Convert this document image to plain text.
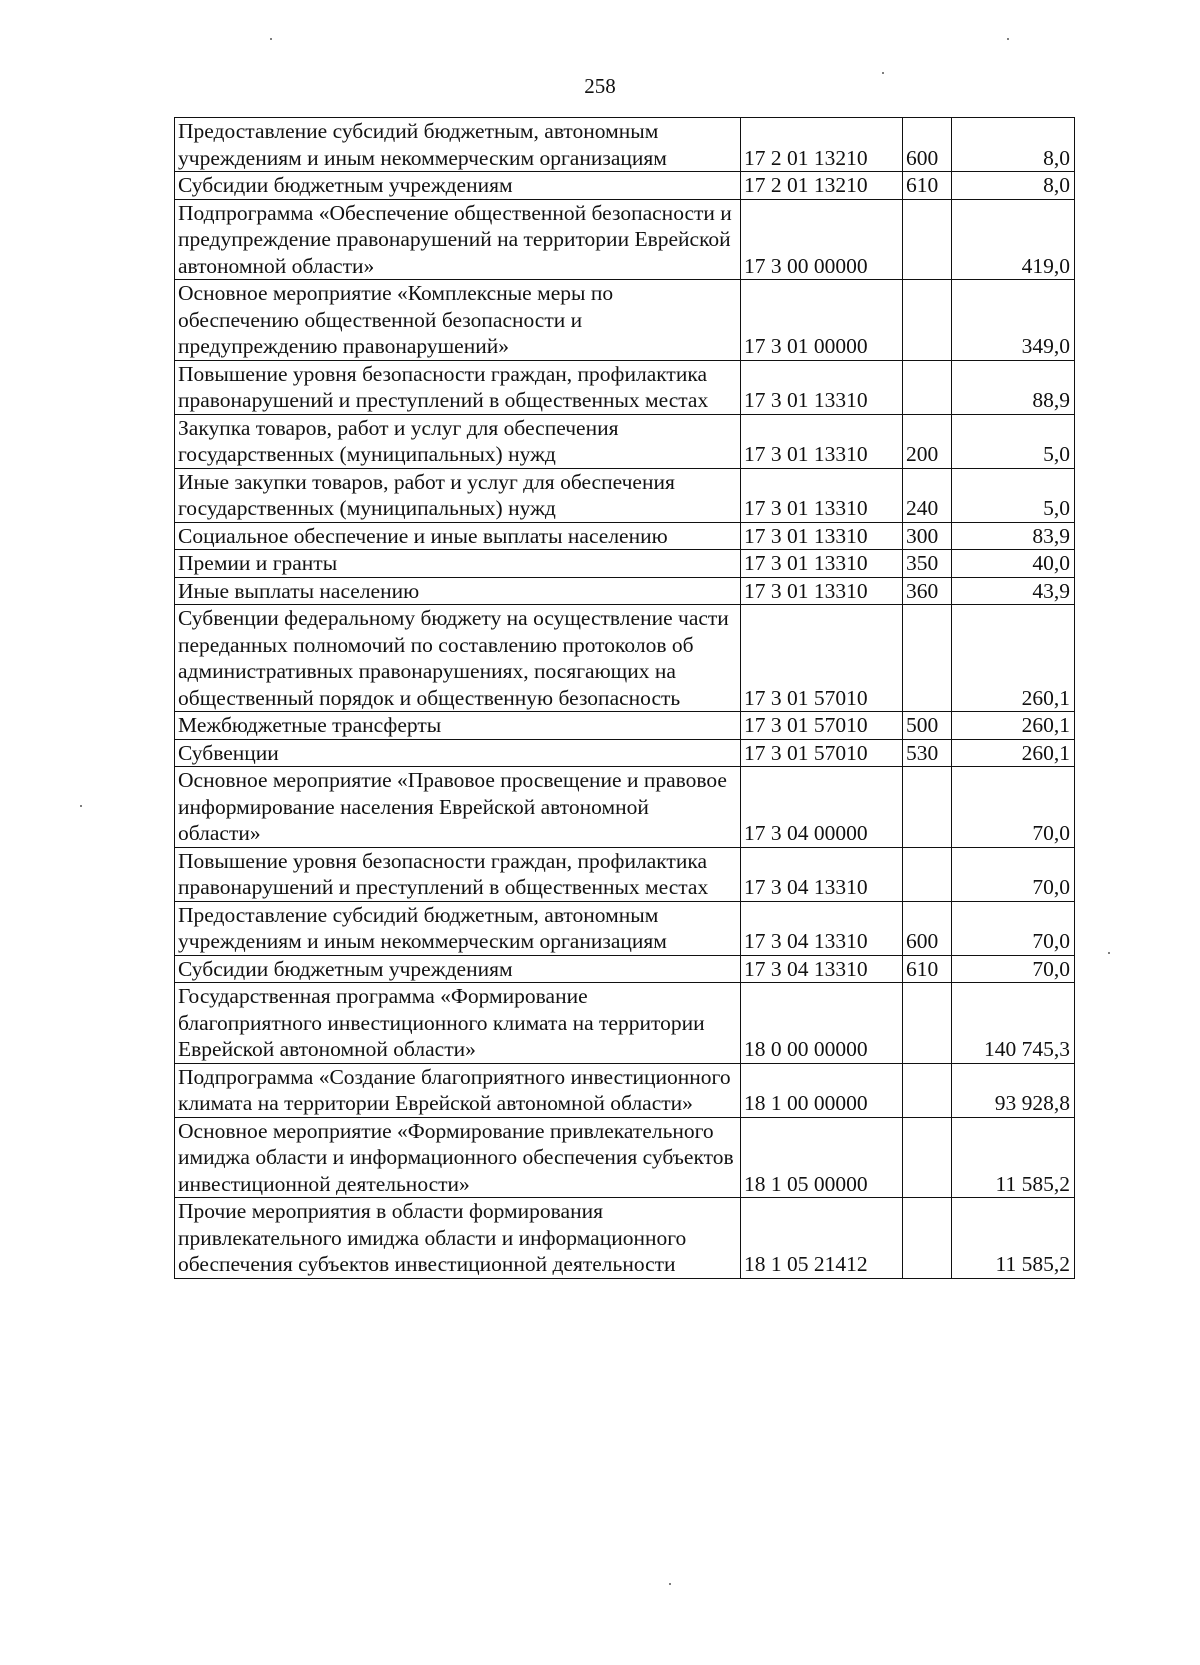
258
Предоставление субсидий бюджетным, автономным учреждениям и иным некоммерческим организациям	17 2 01 13210	600	8,0
Субсидии бюджетным учреждениям	17 2 01 13210	610	8,0
Подпрограмма «Обеспечение общественной безопасности и предупреждение правонарушений на территории Еврейской автономной области»	17 3 00 00000		419,0
Основное мероприятие «Комплексные меры по обеспечению общественной безопасности и предупреждению правонарушений»	17 3 01 00000		349,0
Повышение уровня безопасности граждан, профилактика правонарушений и преступлений в общественных местах	17 3 01 13310		88,9
Закупка товаров, работ и услуг для обеспечения государственных (муниципальных) нужд	17 3 01 13310	200	5,0
Иные закупки товаров, работ и услуг для обеспечения государственных (муниципальных) нужд	17 3 01 13310	240	5,0
Социальное обеспечение и иные выплаты населению	17 3 01 13310	300	83,9
Премии и гранты	17 3 01 13310	350	40,0
Иные выплаты населению	17 3 01 13310	360	43,9
Субвенции федеральному бюджету на осуществление части переданных полномочий по составлению протоколов об административных правонарушениях, посягающих на общественный порядок и общественную безопасность	17 3 01 57010		260,1
Межбюджетные трансферты	17 3 01 57010	500	260,1
Субвенции	17 3 01 57010	530	260,1
Основное мероприятие «Правовое просвещение и правовое информирование населения Еврейской автономной области»	17 3 04 00000		70,0
Повышение уровня безопасности граждан, профилактика правонарушений и преступлений в общественных местах	17 3 04 13310		70,0
Предоставление субсидий бюджетным, автономным учреждениям и иным некоммерческим организациям	17 3 04 13310	600	70,0
Субсидии бюджетным учреждениям	17 3 04 13310	610	70,0
Государственная программа «Формирование благоприятного инвестиционного климата на территории Еврейской автономной области»	18 0 00 00000		140 745,3
Подпрограмма «Создание благоприятного инвестиционного климата на территории Еврейской автономной области»	18 1 00 00000		93 928,8
Основное мероприятие «Формирование привлекательного имиджа области и информационного обеспечения субъектов инвестиционной деятельности»	18 1 05 00000		11 585,2
Прочие мероприятия в области формирования привлекательного имиджа области и информационного обеспечения субъектов инвестиционной деятельности	18 1 05 21412		11 585,2
